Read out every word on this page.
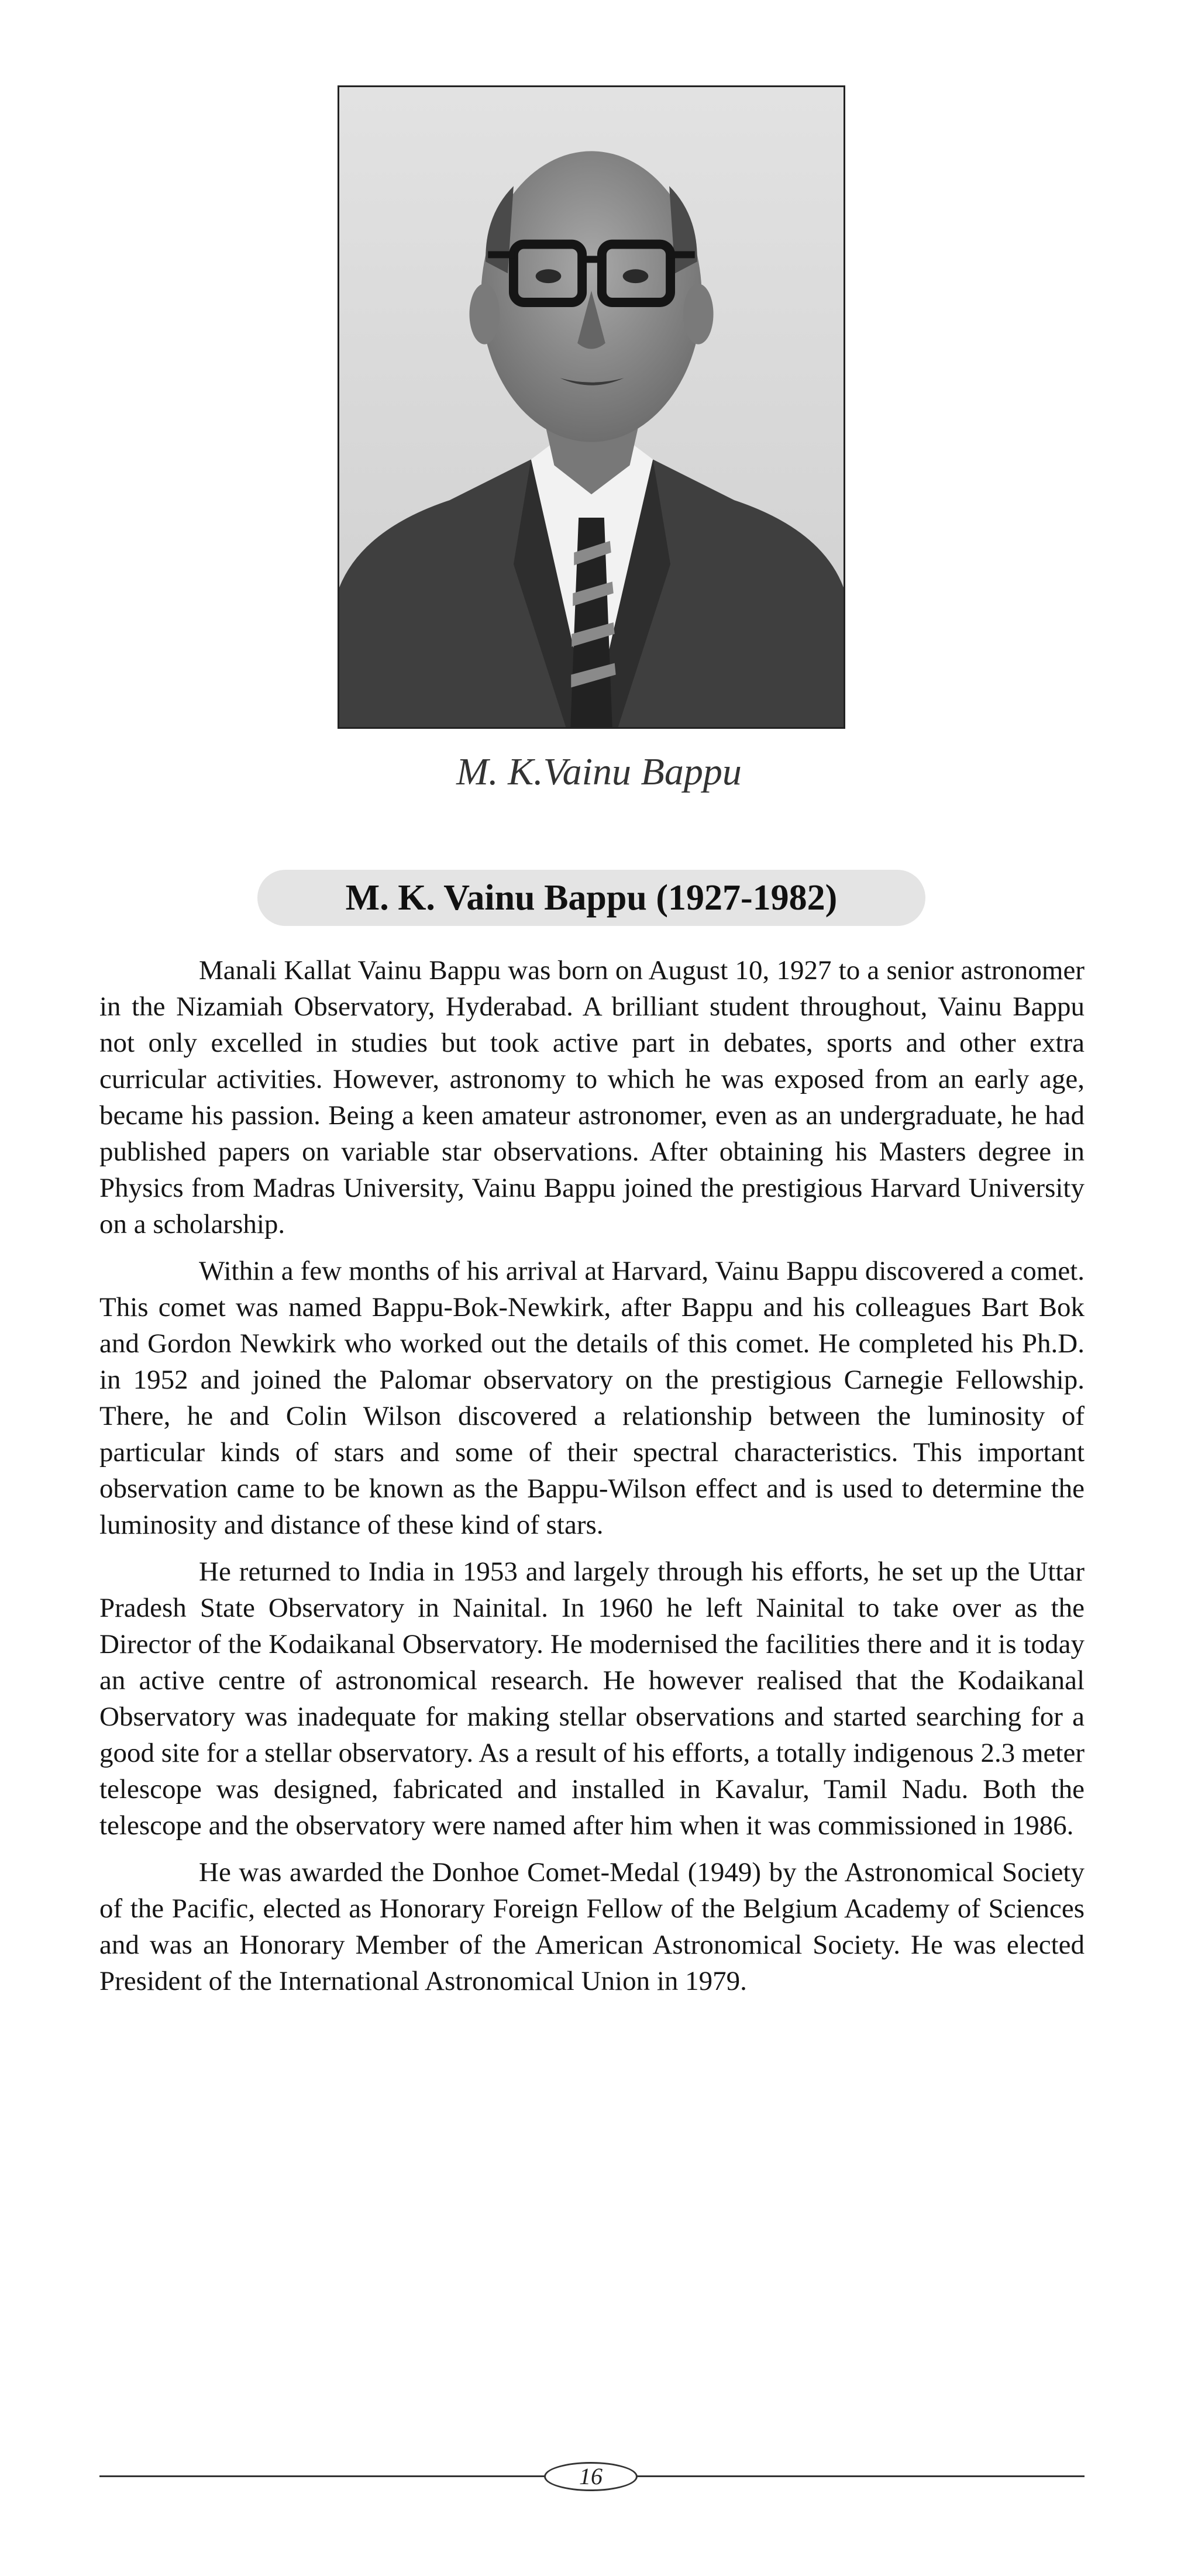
M. K.Vainu Bappu
M. K. Vainu Bappu (1927-1982)

Manali Kallat Vainu Bappu was born on August 10, 1927 to a senior astronomer in the Nizamiah Observatory, Hyderabad. A brilliant student throughout, Vainu Bappu not only excelled in studies but took active part in debates, sports and other extra curricular activities. However, astronomy to which he was exposed from an early age, became his passion. Being a keen amateur astronomer, even as an undergraduate, he had published papers on variable star observations. After obtaining his Masters degree in Physics from Madras University, Vainu Bappu joined the prestigious Harvard University on a scholarship.

Within a few months of his arrival at Harvard, Vainu Bappu discovered a comet. This comet was named Bappu-Bok-Newkirk, after Bappu and his colleagues Bart Bok and Gordon Newkirk who worked out the details of this comet. He completed his Ph.D. in 1952 and joined the Palomar observatory on the prestigious Carnegie Fellowship. There, he and Colin Wilson discovered a relationship between the luminosity of particular kinds of stars and some of their spectral characteristics. This important observation came to be known as the Bappu-Wilson effect and is used to determine the luminosity and distance of these kind of stars.

He returned to India in 1953 and largely through his efforts, he set up the Uttar Pradesh State Observatory in Nainital. In 1960 he left Nainital to take over as the Director of the Kodaikanal Observatory. He modernised the facilities there and it is today an active centre of astronomical research. He however realised that the Kodaikanal Observatory was inadequate for making stellar observations and started searching for a good site for a stellar observatory. As a result of his efforts, a totally indigenous 2.3 meter telescope was designed, fabricated and installed in Kavalur, Tamil Nadu. Both the telescope and the observatory were named after him when it was commissioned in 1986.

He was awarded the Donhoe Comet-Medal (1949) by the Astronomical Society of the Pacific, elected as Honorary Foreign Fellow of the Belgium Academy of Sciences and was an Honorary Member of the American Astronomical Society. He was elected President of the International Astronomical Union in 1979.

16
